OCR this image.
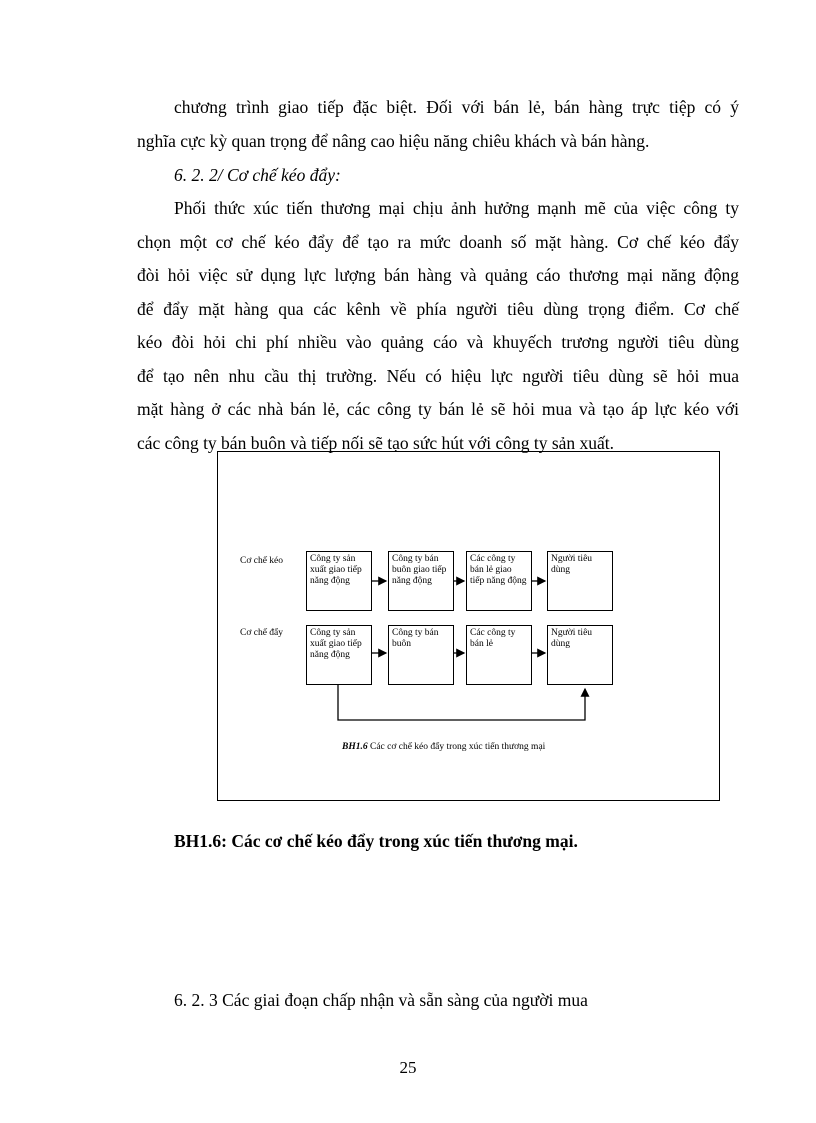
chương trình giao tiếp đặc biệt. Đối với bán lẻ, bán hàng trực tiệp có ý
nghĩa cực kỳ quan trọng để nâng cao hiệu năng chiêu khách và bán hàng.
6. 2. 2/ Cơ chế kéo đẩy:
Phối thức xúc tiến thương mại chịu ảnh hưởng mạnh mẽ của việc công ty
chọn một cơ chế kéo đẩy để tạo ra mức doanh số mặt hàng. Cơ chế kéo đẩy
đòi hỏi việc sử dụng lực lượng bán hàng và quảng cáo thương mại năng động
để đẩy mặt hàng qua các kênh về phía người tiêu dùng trọng điểm. Cơ chế
kéo đòi hỏi chi phí nhiều vào quảng cáo và khuyếch trương người tiêu dùng
để tạo nên nhu cầu thị trường. Nếu có hiệu lực người tiêu dùng sẽ hỏi mua
mặt hàng ở các nhà bán lẻ, các công ty bán lẻ sẽ hỏi mua và tạo áp lực kéo với
các công ty bán buôn và tiếp nối sẽ tạo sức hút với công ty sản xuất.
Cơ chế kéo
Cơ chế đẩy
Công ty sản xuất giao tiếp năng động
Công ty bán buôn giao tiếp năng động
Các công ty bán lẻ giao tiếp năng động
Người tiêu dùng
Công ty sản xuất giao tiếp năng động
Công ty bán buôn
Các công ty bán lẻ
Người tiêu dùng
BH1.6 Các cơ chế kéo đẩy trong xúc tiến thương mại
BH1.6: Các cơ chế kéo đẩy trong xúc tiến thương mại.
6. 2. 3 Các giai đoạn chấp nhận và sẵn sàng của người mua
25
